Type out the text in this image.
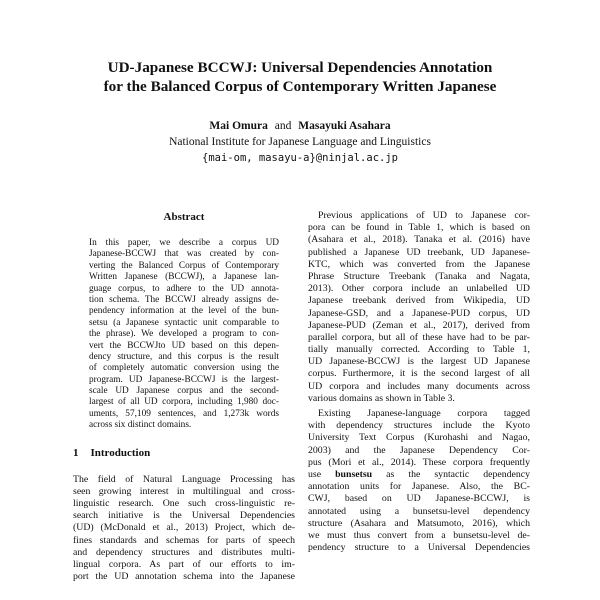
UD-Japanese BCCWJ: Universal Dependencies Annotation
for the Balanced Corpus of Contemporary Written Japanese
Mai Omura and Masayuki Asahara
National Institute for Japanese Language and Linguistics
{mai-om, masayu-a}@ninjal.ac.jp
Abstract
In this paper, we describe a corpus UD
Japanese-BCCWJ that was created by con-
verting the Balanced Corpus of Contemporary
Written Japanese (BCCWJ), a Japanese lan-
guage corpus, to adhere to the UD annota-
tion schema. The BCCWJ already assigns de-
pendency information at the level of the bun-
setsu (a Japanese syntactic unit comparable to
the phrase). We developed a program to con-
vert the BCCWJto UD based on this depen-
dency structure, and this corpus is the result
of completely automatic conversion using the
program. UD Japanese-BCCWJ is the largest-
scale UD Japanese corpus and the second-
largest of all UD corpora, including 1,980 doc-
uments, 57,109 sentences, and 1,273k words
across six distinct domains.
1 Introduction
The field of Natural Language Processing has
seen growing interest in multilingual and cross-
linguistic research. One such cross-linguistic re-
search initiative is the Universal Dependencies
(UD) (McDonald et al., 2013) Project, which de-
fines standards and schemas for parts of speech
and dependency structures and distributes multi-
lingual corpora. As part of our efforts to im-
port the UD annotation schema into the Japanese
Previous applications of UD to Japanese cor-
pora can be found in Table 1, which is based on
(Asahara et al., 2018). Tanaka et al. (2016) have
published a Japanese UD treebank, UD Japanese-
KTC, which was converted from the Japanese
Phrase Structure Treebank (Tanaka and Nagata,
2013). Other corpora include an unlabelled UD
Japanese treebank derived from Wikipedia, UD
Japanese-GSD, and a Japanese-PUD corpus, UD
Japanese-PUD (Zeman et al., 2017), derived from
parallel corpora, but all of these have had to be par-
tially manually corrected. According to Table 1,
UD Japanese-BCCWJ is the largest UD Japanese
corpus. Furthermore, it is the second largest of all
UD corpora and includes many documents across
various domains as shown in Table 3.
Existing Japanese-language corpora tagged
with dependency structures include the Kyoto
University Text Corpus (Kurohashi and Nagao,
2003) and the Japanese Dependency Cor-
pus (Mori et al., 2014). These corpora frequently
use bunsetsu as the syntactic dependency
annotation units for Japanese. Also, the BC-
CWJ, based on UD Japanese-BCCWJ, is
annotated using a bunsetsu-level dependency
structure (Asahara and Matsumoto, 2016), which
we must thus convert from a bunsetsu-level de-
pendency structure to a Universal Dependencies
